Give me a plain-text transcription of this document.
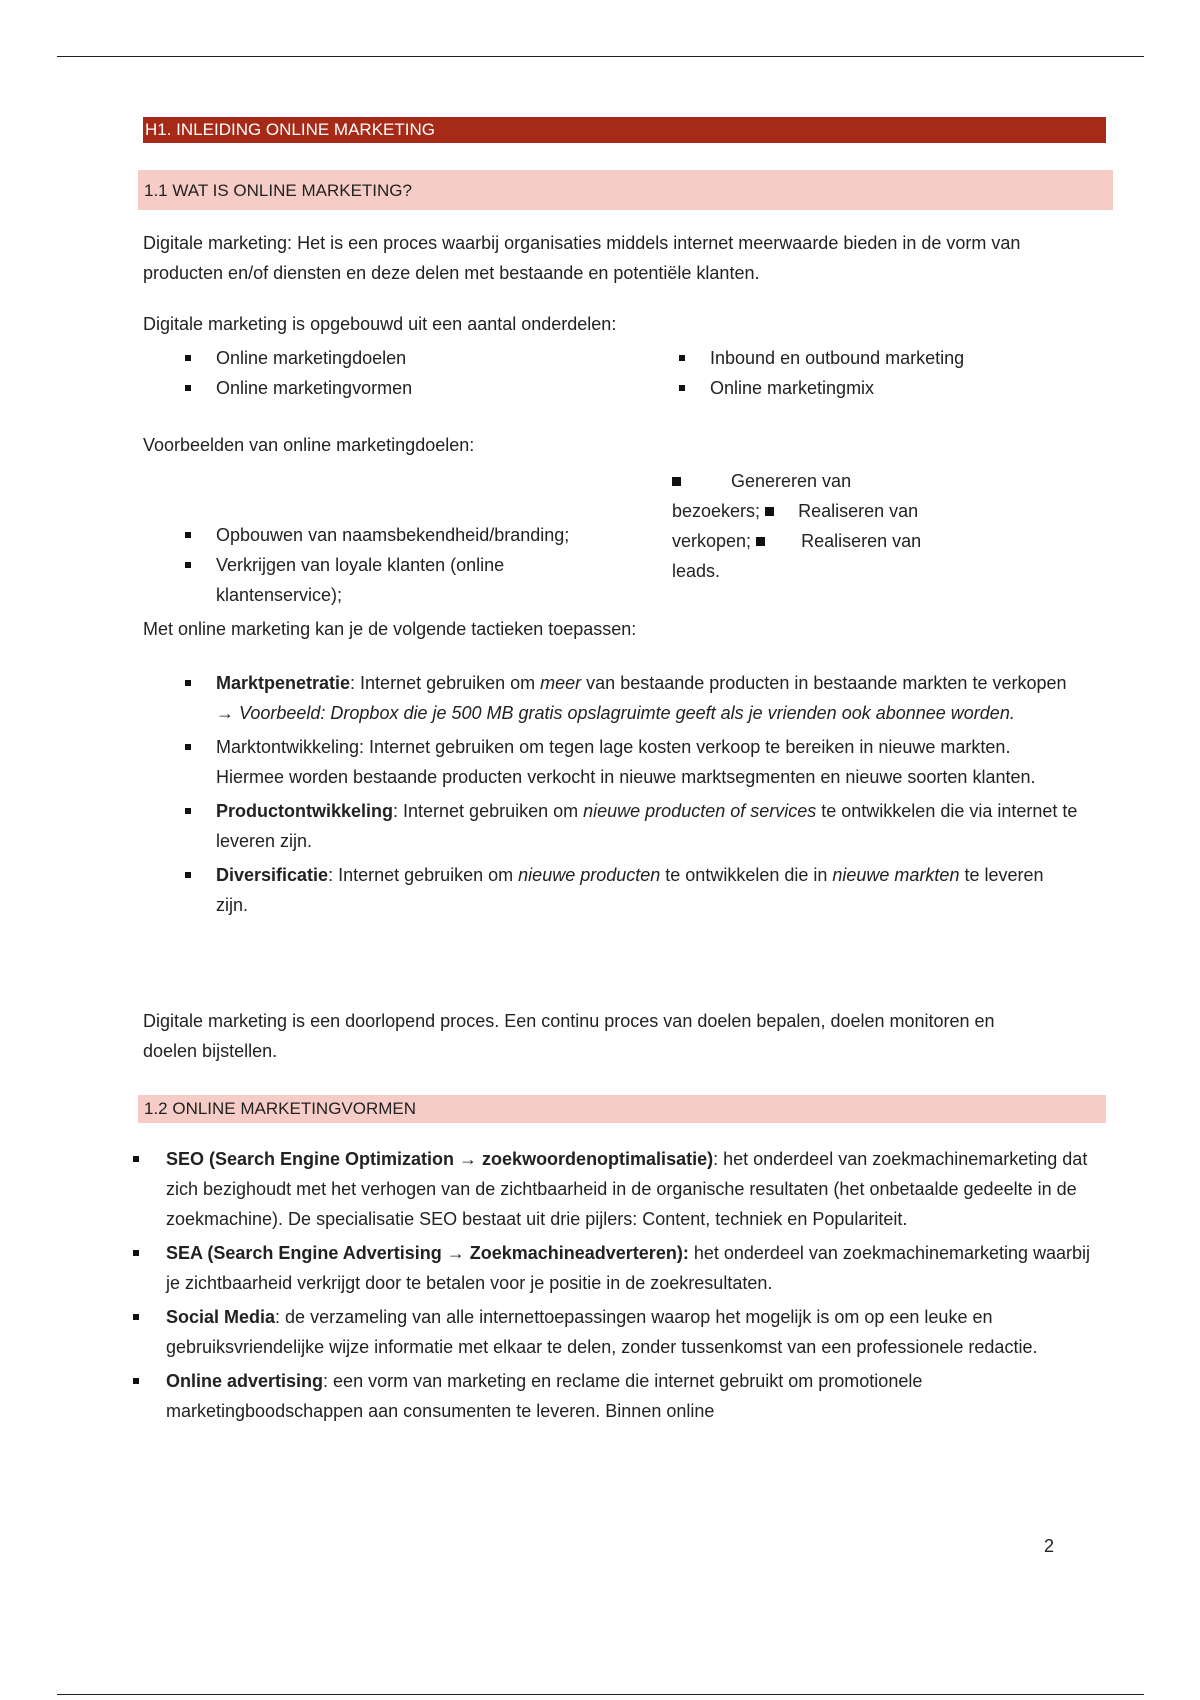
H1. INLEIDING ONLINE MARKETING
1.1 WAT IS ONLINE MARKETING?

Digitale marketing: Het is een proces waarbij organisaties middels internet meerwaarde bieden in de vorm van producten en/of diensten en deze delen met bestaande en potentiële klanten.

Digitale marketing is opgebouwd uit een aantal onderdelen:

Online marketingdoelen
Online marketingvormen
Inbound en outbound marketing
Online marketingmix

Voorbeelden van online marketingdoelen:

Genereren van
bezoekers; Realiseren van
verkopen;	Realiseren van
leads.
Opbouwen van naamsbekendheid/branding;
Verkrijgen van loyale klanten (online klantenservice);

Met online marketing kan je de volgende tactieken toepassen:

Marktpenetratie: Internet gebruiken om meer van bestaande producten in bestaande markten te verkopen → Voorbeeld: Dropbox die je 500 MB gratis opslagruimte geeft als je vrienden ook abonnee worden.
Marktontwikkeling: Internet gebruiken om tegen lage kosten verkoop te bereiken in nieuwe markten. Hiermee worden bestaande producten verkocht in nieuwe marktsegmenten en nieuwe soorten klanten.
Productontwikkeling: Internet gebruiken om nieuwe producten of services te ontwikkelen die via internet te leveren zijn.
Diversificatie: Internet gebruiken om nieuwe producten te ontwikkelen die in nieuwe markten te leveren zijn.

Digitale marketing is een doorlopend proces. Een continu proces van doelen bepalen, doelen monitoren en doelen bijstellen.

1.2 ONLINE MARKETINGVORMEN
SEO (Search Engine Optimization → zoekwoordenoptimalisatie): het onderdeel van zoekmachinemarketing dat zich bezighoudt met het verhogen van de zichtbaarheid in de organische resultaten (het onbetaalde gedeelte in de zoekmachine). De specialisatie SEO bestaat uit drie pijlers: Content, techniek en Populariteit.
SEA (Search Engine Advertising → Zoekmachineadverteren): het onderdeel van zoekmachinemarketing waarbij je zichtbaarheid verkrijgt door te betalen voor je positie in de zoekresultaten.
Social Media: de verzameling van alle internettoepassingen waarop het mogelijk is om op een leuke en gebruiksvriendelijke wijze informatie met elkaar te delen, zonder tussenkomst van een professionele redactie.
Online advertising: een vorm van marketing en reclame die internet gebruikt om promotionele marketingboodschappen aan consumenten te leveren. Binnen online
2
